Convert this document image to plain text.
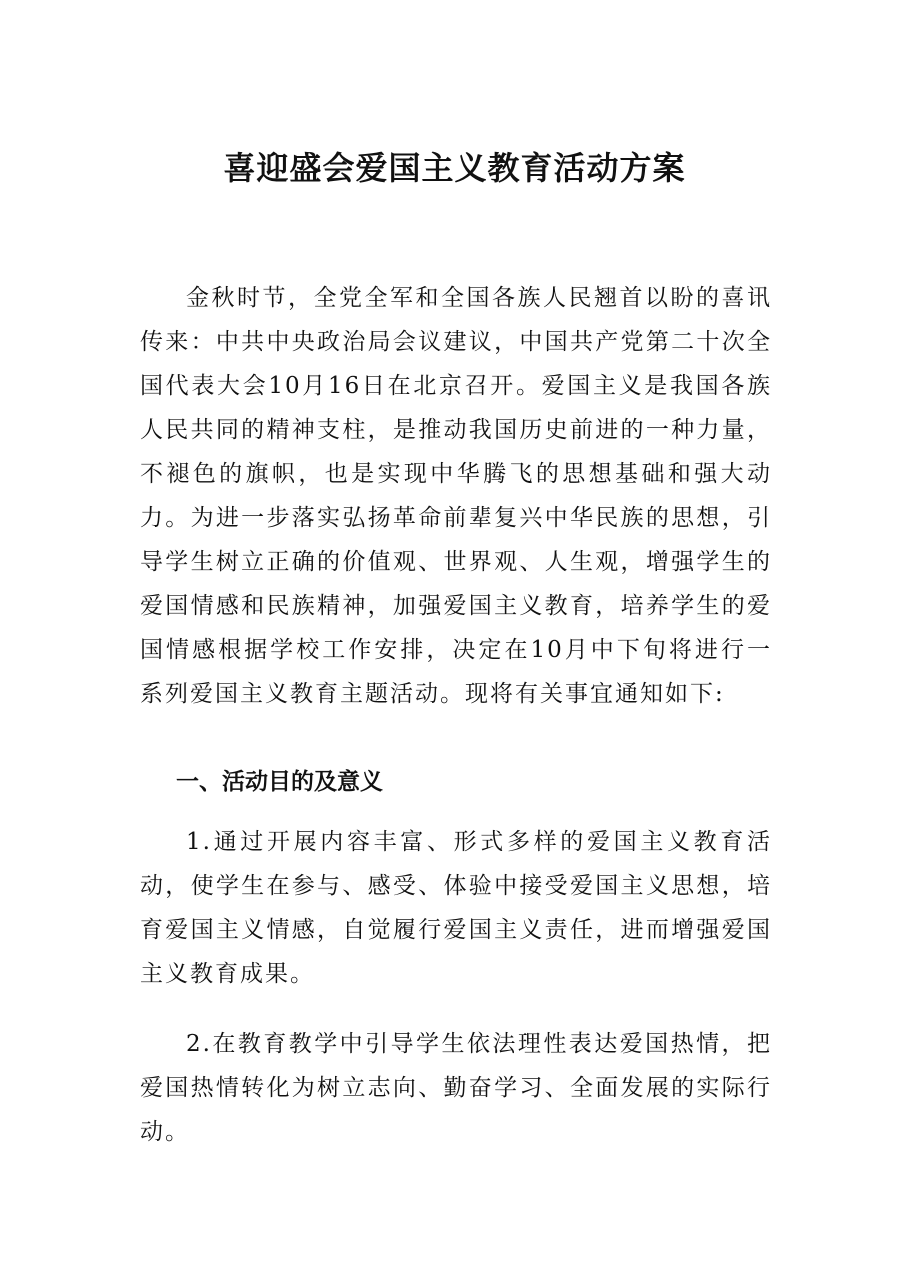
喜迎盛会爱国主义教育活动方案

金秋时节，全党全军和全国各族人民翘首以盼的喜讯传来：中共中央政治局会议建议，中国共产党第二十次全国代表大会10月16日在北京召开。爱国主义是我国各族人民共同的精神支柱，是推动我国历史前进的一种力量，不褪色的旗帜，也是实现中华腾飞的思想基础和强大动力。为进一步落实弘扬革命前辈复兴中华民族的思想，引导学生树立正确的价值观、世界观、人生观，增强学生的爱国情感和民族精神，加强爱国主义教育，培养学生的爱国情感根据学校工作安排，决定在10月中下旬将进行一系列爱国主义教育主题活动。现将有关事宜通知如下:

一、活动目的及意义

1.通过开展内容丰富、形式多样的爱国主义教育活动，使学生在参与、感受、体验中接受爱国主义思想，培育爱国主义情感，自觉履行爱国主义责任，进而增强爱国主义教育成果。

2.在教育教学中引导学生依法理性表达爱国热情，把爱国热情转化为树立志向、勤奋学习、全面发展的实际行动。
